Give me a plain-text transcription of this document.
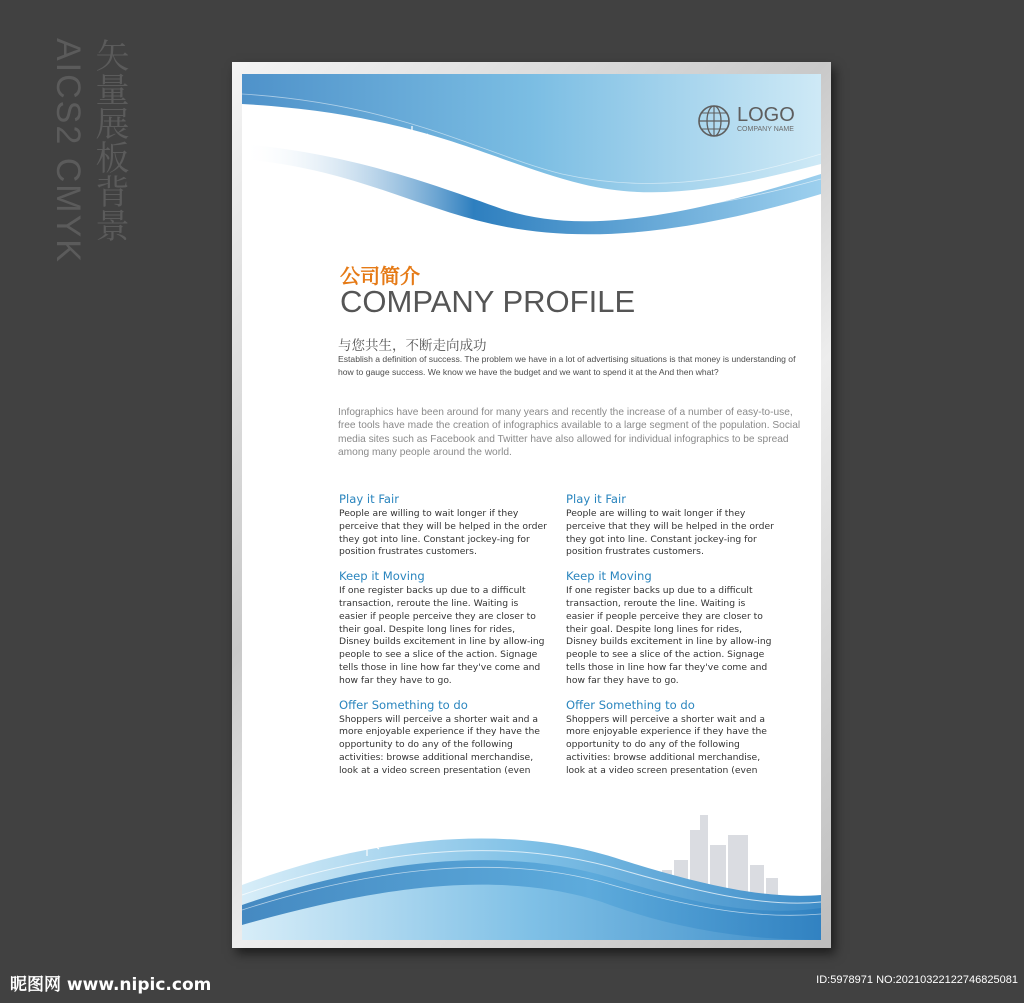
矢量展板背景
AICS2 CMYK	LOGO
COMPANY NAME
公司简介
COMPANY PROFILE
与您共生，不断走向成功
Establish a definition of success. The problem we have in a lot of advertising situations is that money is understanding of how to gauge success. We know we have the budget and we want to spend it at the And then what?
Infographics have been around for many years and recently the increase of a number of easy-to-use, free tools have made the creation of infographics available to a large segment of the population. Social media sites such as Facebook and Twitter have also allowed for individual infographics to be spread among many people around the world.
Play it Fair

People are willing to wait longer if they perceive that they will be helped in the order they got into line. Constant jockey-ing for position frustrates customers.

Keep it Moving

If one register backs up due to a difficult transaction, reroute the line. Waiting is easier if people perceive they are closer to their goal. Despite long lines for rides, Disney builds excitement in line by allow-ing people to see a slice of the action. Signage tells those in line how far they've come and how far they have to go.

Offer Something to do

Shoppers will perceive a shorter wait and a more enjoyable experience if they have the opportunity to do any of the following activities: browse additional merchandise, look at a video screen presentation (even

Play it Fair

People are willing to wait longer if they perceive that they will be helped in the order they got into line. Constant jockey-ing for position frustrates customers.

Keep it Moving

If one register backs up due to a difficult transaction, reroute the line. Waiting is easier if people perceive they are closer to their goal. Despite long lines for rides, Disney builds excitement in line by allow-ing people to see a slice of the action. Signage tells those in line how far they've come and how far they have to go.

Offer Something to do

Shoppers will perceive a shorter wait and a more enjoyable experience if they have the opportunity to do any of the following activities: browse additional merchandise, look at a video screen presentation (even

昵图网 www.nipic.com	ID:5978971 NO:20210322122746825081
